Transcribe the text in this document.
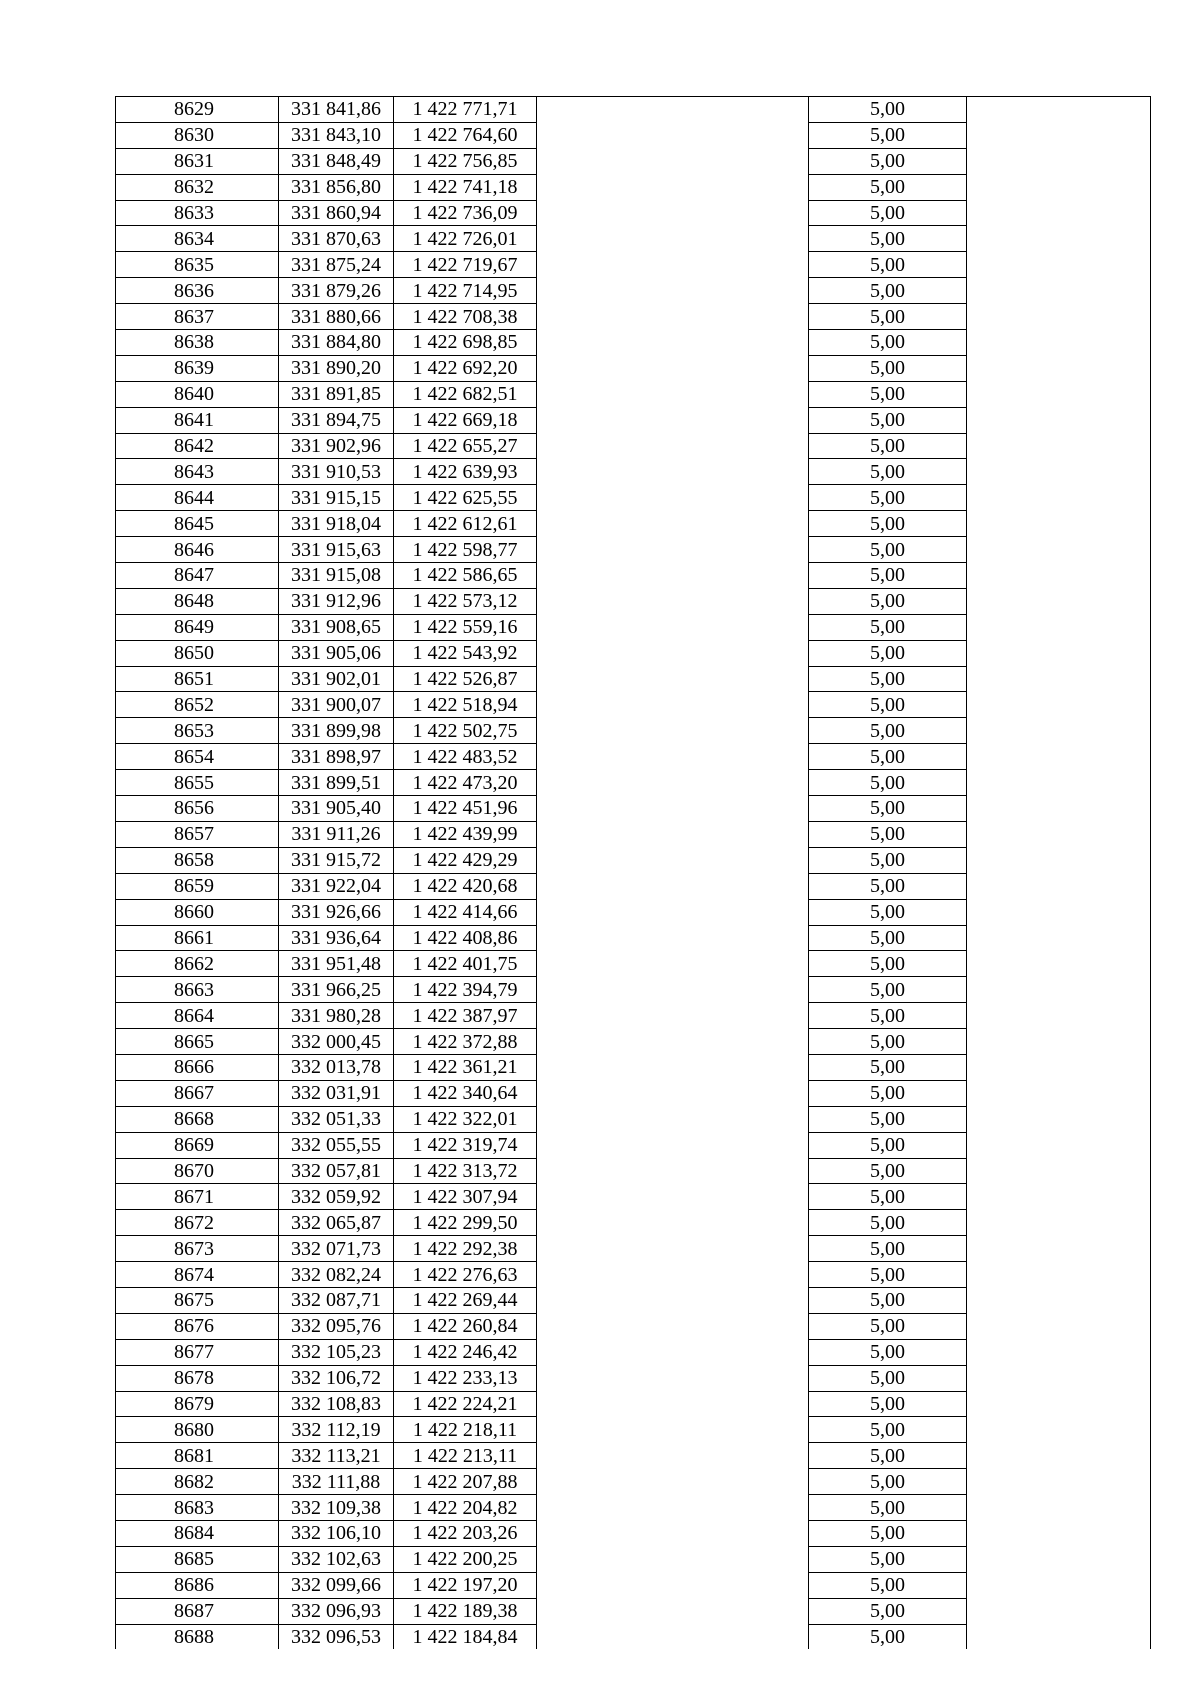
8629	331 841,86	1 422 771,71		5,00	
8630	331 843,10	1 422 764,60		5,00	
8631	331 848,49	1 422 756,85		5,00	
8632	331 856,80	1 422 741,18		5,00	
8633	331 860,94	1 422 736,09		5,00	
8634	331 870,63	1 422 726,01		5,00	
8635	331 875,24	1 422 719,67		5,00	
8636	331 879,26	1 422 714,95		5,00	
8637	331 880,66	1 422 708,38		5,00	
8638	331 884,80	1 422 698,85		5,00	
8639	331 890,20	1 422 692,20		5,00	
8640	331 891,85	1 422 682,51		5,00	
8641	331 894,75	1 422 669,18		5,00	
8642	331 902,96	1 422 655,27		5,00	
8643	331 910,53	1 422 639,93		5,00	
8644	331 915,15	1 422 625,55		5,00	
8645	331 918,04	1 422 612,61		5,00	
8646	331 915,63	1 422 598,77		5,00	
8647	331 915,08	1 422 586,65		5,00	
8648	331 912,96	1 422 573,12		5,00	
8649	331 908,65	1 422 559,16		5,00	
8650	331 905,06	1 422 543,92		5,00	
8651	331 902,01	1 422 526,87		5,00	
8652	331 900,07	1 422 518,94		5,00	
8653	331 899,98	1 422 502,75		5,00	
8654	331 898,97	1 422 483,52		5,00	
8655	331 899,51	1 422 473,20		5,00	
8656	331 905,40	1 422 451,96		5,00	
8657	331 911,26	1 422 439,99		5,00	
8658	331 915,72	1 422 429,29		5,00	
8659	331 922,04	1 422 420,68		5,00	
8660	331 926,66	1 422 414,66		5,00	
8661	331 936,64	1 422 408,86		5,00	
8662	331 951,48	1 422 401,75		5,00	
8663	331 966,25	1 422 394,79		5,00	
8664	331 980,28	1 422 387,97		5,00	
8665	332 000,45	1 422 372,88		5,00	
8666	332 013,78	1 422 361,21		5,00	
8667	332 031,91	1 422 340,64		5,00	
8668	332 051,33	1 422 322,01		5,00	
8669	332 055,55	1 422 319,74		5,00	
8670	332 057,81	1 422 313,72		5,00	
8671	332 059,92	1 422 307,94		5,00	
8672	332 065,87	1 422 299,50		5,00	
8673	332 071,73	1 422 292,38		5,00	
8674	332 082,24	1 422 276,63		5,00	
8675	332 087,71	1 422 269,44		5,00	
8676	332 095,76	1 422 260,84		5,00	
8677	332 105,23	1 422 246,42		5,00	
8678	332 106,72	1 422 233,13		5,00	
8679	332 108,83	1 422 224,21		5,00	
8680	332 112,19	1 422 218,11		5,00	
8681	332 113,21	1 422 213,11		5,00	
8682	332 111,88	1 422 207,88		5,00	
8683	332 109,38	1 422 204,82		5,00	
8684	332 106,10	1 422 203,26		5,00	
8685	332 102,63	1 422 200,25		5,00	
8686	332 099,66	1 422 197,20		5,00	
8687	332 096,93	1 422 189,38		5,00	
8688	332 096,53	1 422 184,84		5,00	
